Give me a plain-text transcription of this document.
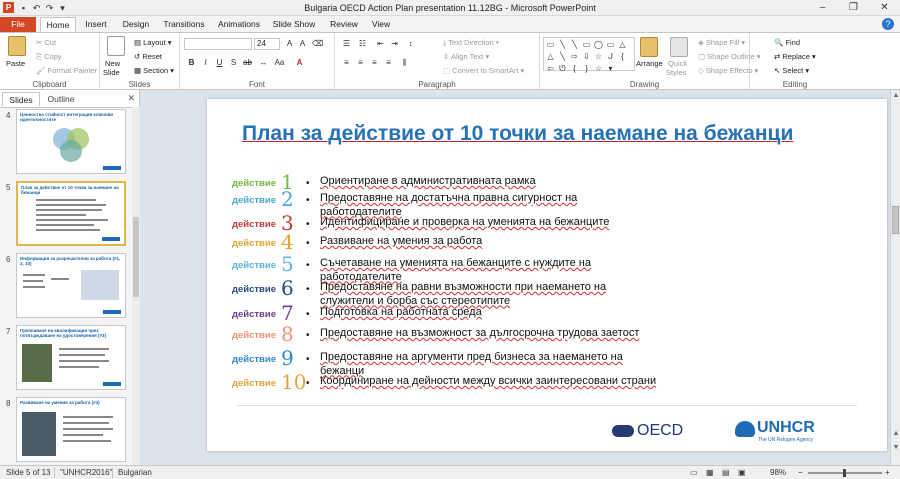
P	▪ ↶ ↷ ▾	Bulgaria OECD Action Plan presentation 11.12BG - Microsoft PowerPoint	–	❐	✕
File	Home	Insert	Design	Transitions	Animations	Slide Show	Review	View	?
Paste
✂ Cut
⎘ Copy
🖌 Format Painter
Clipboard
New
Slide
▤ Layout ▾
↺ Reset
▦ Section ▾
Slides
24	A A ⌫
B	I	U	S ab ↔ Aa	A
Font
☰ ☷ ⇤ ⇥	↕
≡	≡	≡	≡	⫼
⤓ Text Direction ▾
⇳ Align Text ▾
⬚ Convert to SmartArt ▾
Paragraph
▭ ╲ ╲ ▭ ◯ ▭ △
△ ╲ ⇨ ⇩ ☆ ᒍ	{
⇦ ᘎ {	} ☆ ▾
Arrange Quick
Styles
◈ Shape Fill ▾
▢ Shape Outline ▾
◇ Shape Effects ▾
Drawing
🔍 Find
⇄ Replace ▾
↖ Select ▾
Editing
Slides	Outline	✕
4 Ценностна стойност интеграция ключови идентичностите
5 План за действие от 10 точки за наемане на бежанци
6 Информация за разрешителни за работа (#1, 2, 10)
7 Признаване на квалификации чрез потвърждаване на удостоверения (#3)
8 Развиване на умения за работа (#4)
▲
▲
▼
План за действие от 10 точки за наемане на бежанци
действие 1 • Ориентиране в административната рамка
действие 2 • Предоставяне на достатъчна правна сигурност на работодателите
действие 3 • Идентифициране и проверка на уменията на бежанците
действие 4 • Развиване на умения за работа
действие 5 • Съчетаване на уменията на бежанците с нуждите на работодателите
действие 6 • Предоставяне на равни възможности при наемането на служители и борба със стереотипите
действие 7 • Подготовка на работната среда
действие 8 • Предоставяне на възможност за дългосрочна трудова заетост
действие 9 • Предоставяне на аргументи пред бизнеса за наемането на бежанци
действие 10 • Координиране на дейности между всички заинтересовани страни
OECD	UNHCR
The UN Refugee Agency
Slide 5 of 13 "UNHCR2016" Bulgarian	▭ ▦ ▤ ▣	98% −	+
